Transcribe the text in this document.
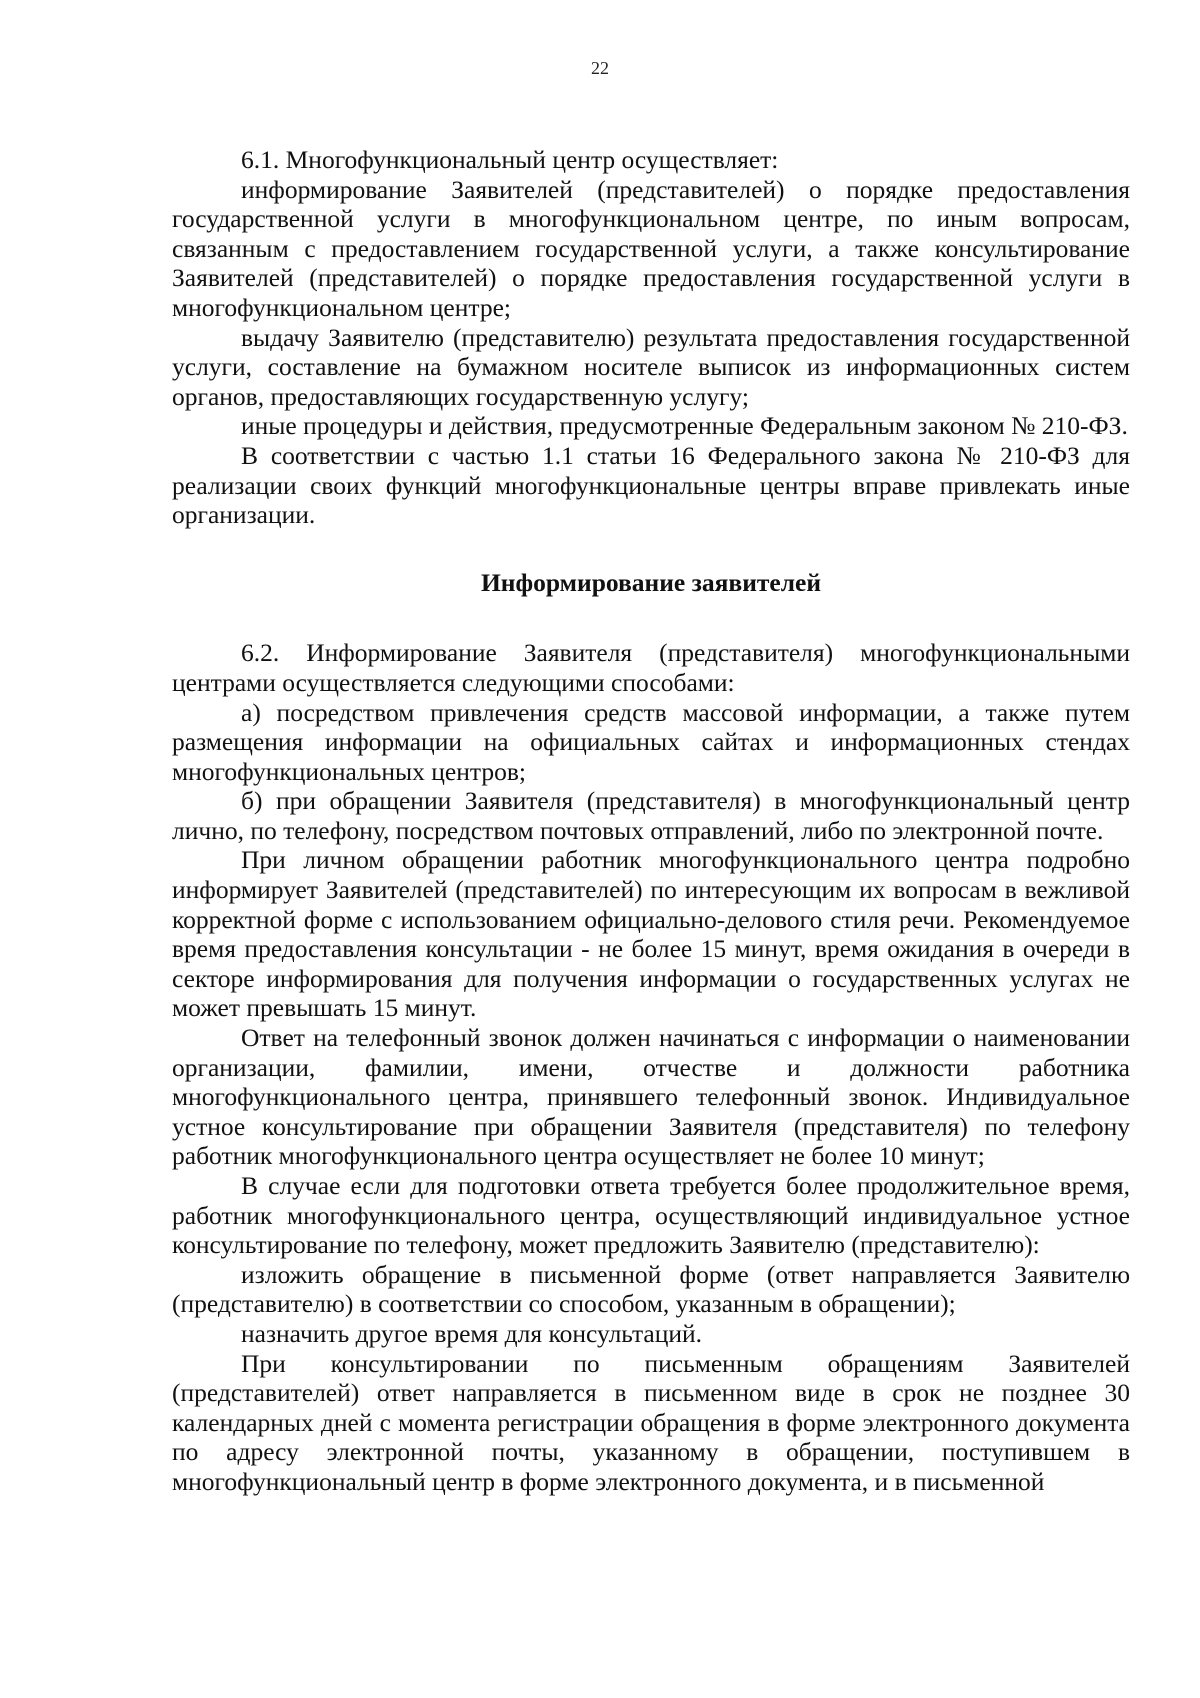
22

6.1. Многофункциональный центр осуществляет:

информирование Заявителей (представителей) о порядке предоставления государственной услуги в многофункциональном центре, по иным вопросам, связанным с предоставлением государственной услуги, а также консультирование Заявителей (представителей) о порядке предоставления государственной услуги в многофункциональном центре;

выдачу Заявителю (представителю) результата предоставления государственной услуги, составление на бумажном носителе выписок из информационных систем органов, предоставляющих государственную услугу;

иные процедуры и действия, предусмотренные Федеральным законом № 210-ФЗ.

В соответствии с частью 1.1 статьи 16 Федерального закона № 210-ФЗ для реализации своих функций многофункциональные центры вправе привлекать иные организации.

Информирование заявителей

6.2. Информирование Заявителя (представителя) многофункциональными центрами осуществляется следующими способами:

а) посредством привлечения средств массовой информации, а также путем размещения информации на официальных сайтах и информационных стендах многофункциональных центров;

б) при обращении Заявителя (представителя) в многофункциональный центр лично, по телефону, посредством почтовых отправлений, либо по электронной почте.

При личном обращении работник многофункционального центра подробно информирует Заявителей (представителей) по интересующим их вопросам в вежливой корректной форме с использованием официально-делового стиля речи. Рекомендуемое время предоставления консультации - не более 15 минут, время ожидания в очереди в секторе информирования для получения информации о государственных услугах не может превышать 15 минут.

Ответ на телефонный звонок должен начинаться с информации о наименовании организации, фамилии, имени, отчестве и должности работника многофункционального центра, принявшего телефонный звонок. Индивидуальное устное консультирование при обращении Заявителя (представителя) по телефону работник многофункционального центра осуществляет не более 10 минут;

В случае если для подготовки ответа требуется более продолжительное время, работник многофункционального центра, осуществляющий индивидуальное устное консультирование по телефону, может предложить Заявителю (представителю):

изложить обращение в письменной форме (ответ направляется Заявителю (представителю) в соответствии со способом, указанным в обращении);

назначить другое время для консультаций.

При консультировании по письменным обращениям Заявителей (представителей) ответ направляется в письменном виде в срок не позднее 30 календарных дней с момента регистрации обращения в форме электронного документа по адресу электронной почты, указанному в обращении, поступившем в многофункциональный центр в форме электронного документа, и в письменной
